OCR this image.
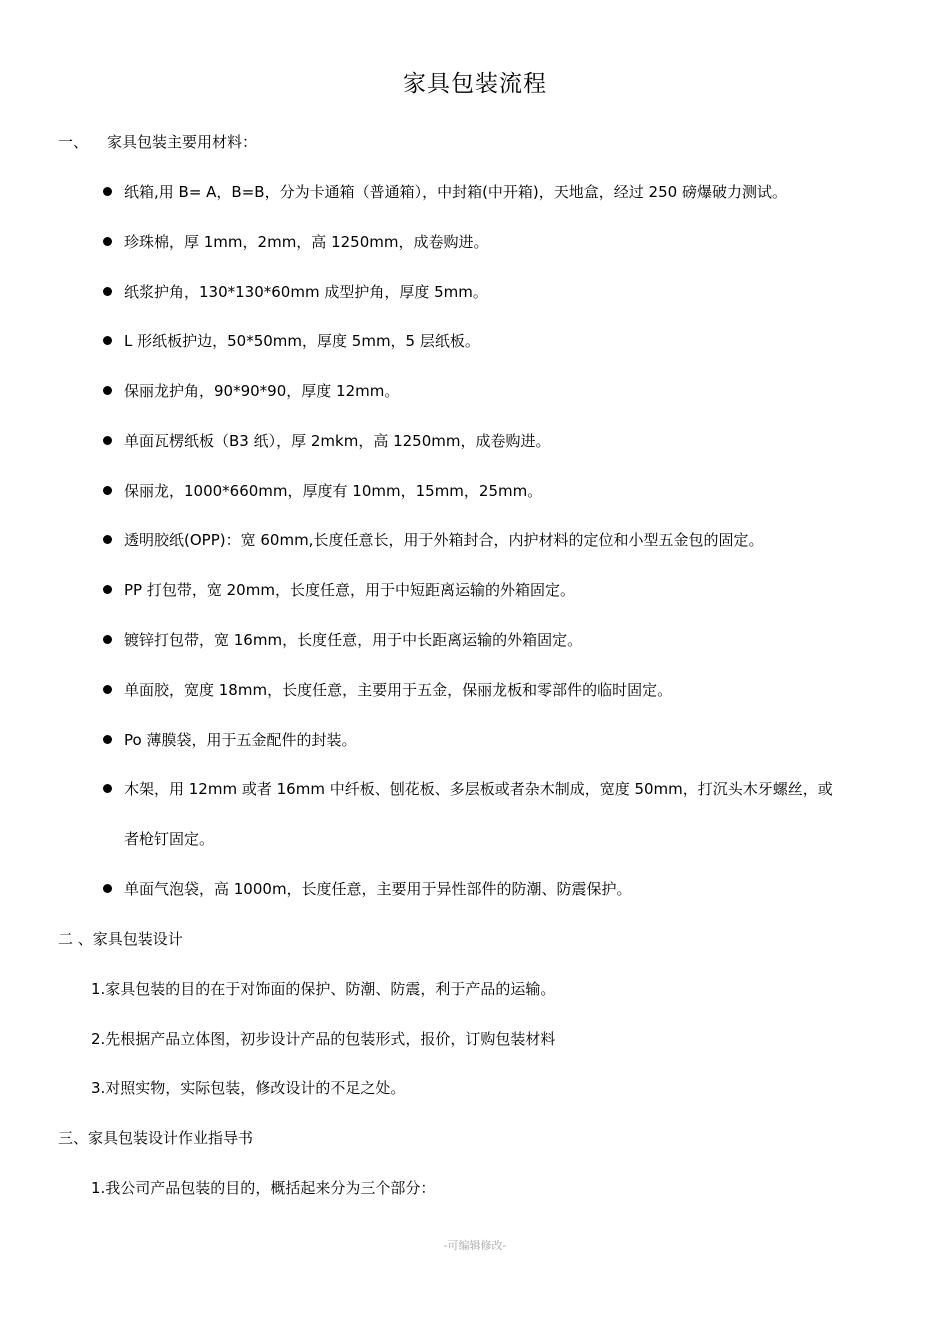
家具包装流程
一、 家具包装主要用材料：
纸箱,用 B= A，B=B，分为卡通箱（普通箱），中封箱(中开箱)，天地盒，经过 250 磅爆破力测试。
珍珠棉，厚 1mm，2mm，高 1250mm，成卷购进。
纸浆护角，130*130*60mm 成型护角，厚度 5mm。
L 形纸板护边，50*50mm，厚度 5mm，5 层纸板。
保丽龙护角，90*90*90，厚度 12mm。
单面瓦楞纸板（B3 纸），厚 2mkm，高 1250mm，成卷购进。
保丽龙，1000*660mm，厚度有 10mm，15mm，25mm。
透明胶纸(OPP)：宽 60mm,长度任意长，用于外箱封合，内护材料的定位和小型五金包的固定。
PP 打包带，宽 20mm，长度任意，用于中短距离运输的外箱固定。
镀锌打包带，宽 16mm，长度任意，用于中长距离运输的外箱固定。
单面胶，宽度 18mm，长度任意，主要用于五金，保丽龙板和零部件的临时固定。
Po 薄膜袋，用于五金配件的封装。
木架，用 12mm 或者 16mm 中纤板、刨花板、多层板或者杂木制成，宽度 50mm，打沉头木牙螺丝，或
者枪钉固定。
单面气泡袋，高 1000m，长度任意，主要用于异性部件的防潮、防震保护。
二 、家具包装设计
1.家具包装的目的在于对饰面的保护、防潮、防震，利于产品的运输。
2.先根据产品立体图，初步设计产品的包装形式，报价，订购包装材料
3.对照实物，实际包装，修改设计的不足之处。
三、家具包装设计作业指导书
1.我公司产品包装的目的，概括起来分为三个部分：
-可编辑修改-
